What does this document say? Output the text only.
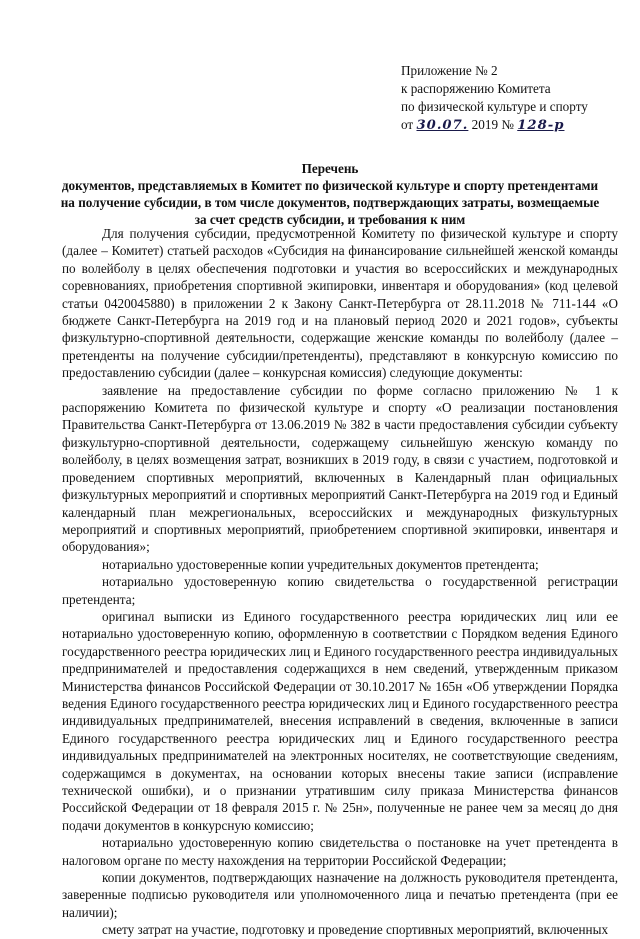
Приложение № 2
к распоряжению Комитета
по физической культуре и спорту
от 30.07. 2019 № 128-р
Перечень
документов, представляемых в Комитет по физической культуре и спорту претендентами
на получение субсидии, в том числе документов, подтверждающих затраты, возмещаемые
за счет средств субсидии, и требования к ним

Для получения субсидии, предусмотренной Комитету по физической культуре и спорту (далее – Комитет) статьей расходов «Субсидия на финансирование сильнейшей женской команды по волейболу в целях обеспечения подготовки и участия во всероссийских и международных соревнованиях, приобретения спортивной экипировки, инвентаря и оборудования» (код целевой статьи 0420045880) в приложении 2 к Закону Санкт-Петербурга от 28.11.2018 № 711-144 «О бюджете Санкт-Петербурга на 2019 год и на плановый период 2020 и 2021 годов», субъекты физкультурно-спортивной деятельности, содержащие женские команды по волейболу (далее – претенденты на получение субсидии/претенденты), представляют в конкурсную комиссию по предоставлению субсидии (далее – конкурсная комиссия) следующие документы:

заявление на предоставление субсидии по форме согласно приложению № 1 к распоряжению Комитета по физической культуре и спорту «О реализации постановления Правительства Санкт-Петербурга от 13.06.2019 № 382 в части предоставления субсидии субъекту физкультурно-спортивной деятельности, содержащему сильнейшую женскую команду по волейболу, в целях возмещения затрат, возникших в 2019 году, в связи с участием, подготовкой и проведением спортивных мероприятий, включенных в Календарный план официальных физкультурных мероприятий и спортивных мероприятий Санкт-Петербурга на 2019 год и Единый календарный план межрегиональных, всероссийских и международных физкультурных мероприятий и спортивных мероприятий, приобретением спортивной экипировки, инвентаря и оборудования»;

нотариально удостоверенные копии учредительных документов претендента;

нотариально удостоверенную копию свидетельства о государственной регистрации претендента;

оригинал выписки из Единого государственного реестра юридических лиц или ее нотариально удостоверенную копию, оформленную в соответствии с Порядком ведения Единого государственного реестра юридических лиц и Единого государственного реестра индивидуальных предпринимателей и предоставления содержащихся в нем сведений, утвержденным приказом Министерства финансов Российской Федерации от 30.10.2017 № 165н «Об утверждении Порядка ведения Единого государственного реестра юридических лиц и Единого государственного реестра индивидуальных предпринимателей, внесения исправлений в сведения, включенные в записи Единого государственного реестра юридических лиц и Единого государственного реестра индивидуальных предпринимателей на электронных носителях, не соответствующие сведениям, содержащимся в документах, на основании которых внесены такие записи (исправление технической ошибки), и о признании утратившим силу приказа Министерства финансов Российской Федерации от 18 февраля 2015 г. № 25н», полученные не ранее чем за месяц до дня подачи документов в конкурсную комиссию;

нотариально удостоверенную копию свидетельства о постановке на учет претендента в налоговом органе по месту нахождения на территории Российской Федерации;

копии документов, подтверждающих назначение на должность руководителя претендента, заверенные подписью руководителя или уполномоченного лица и печатью претендента (при ее наличии);

смету затрат на участие, подготовку и проведение спортивных мероприятий, включенных
